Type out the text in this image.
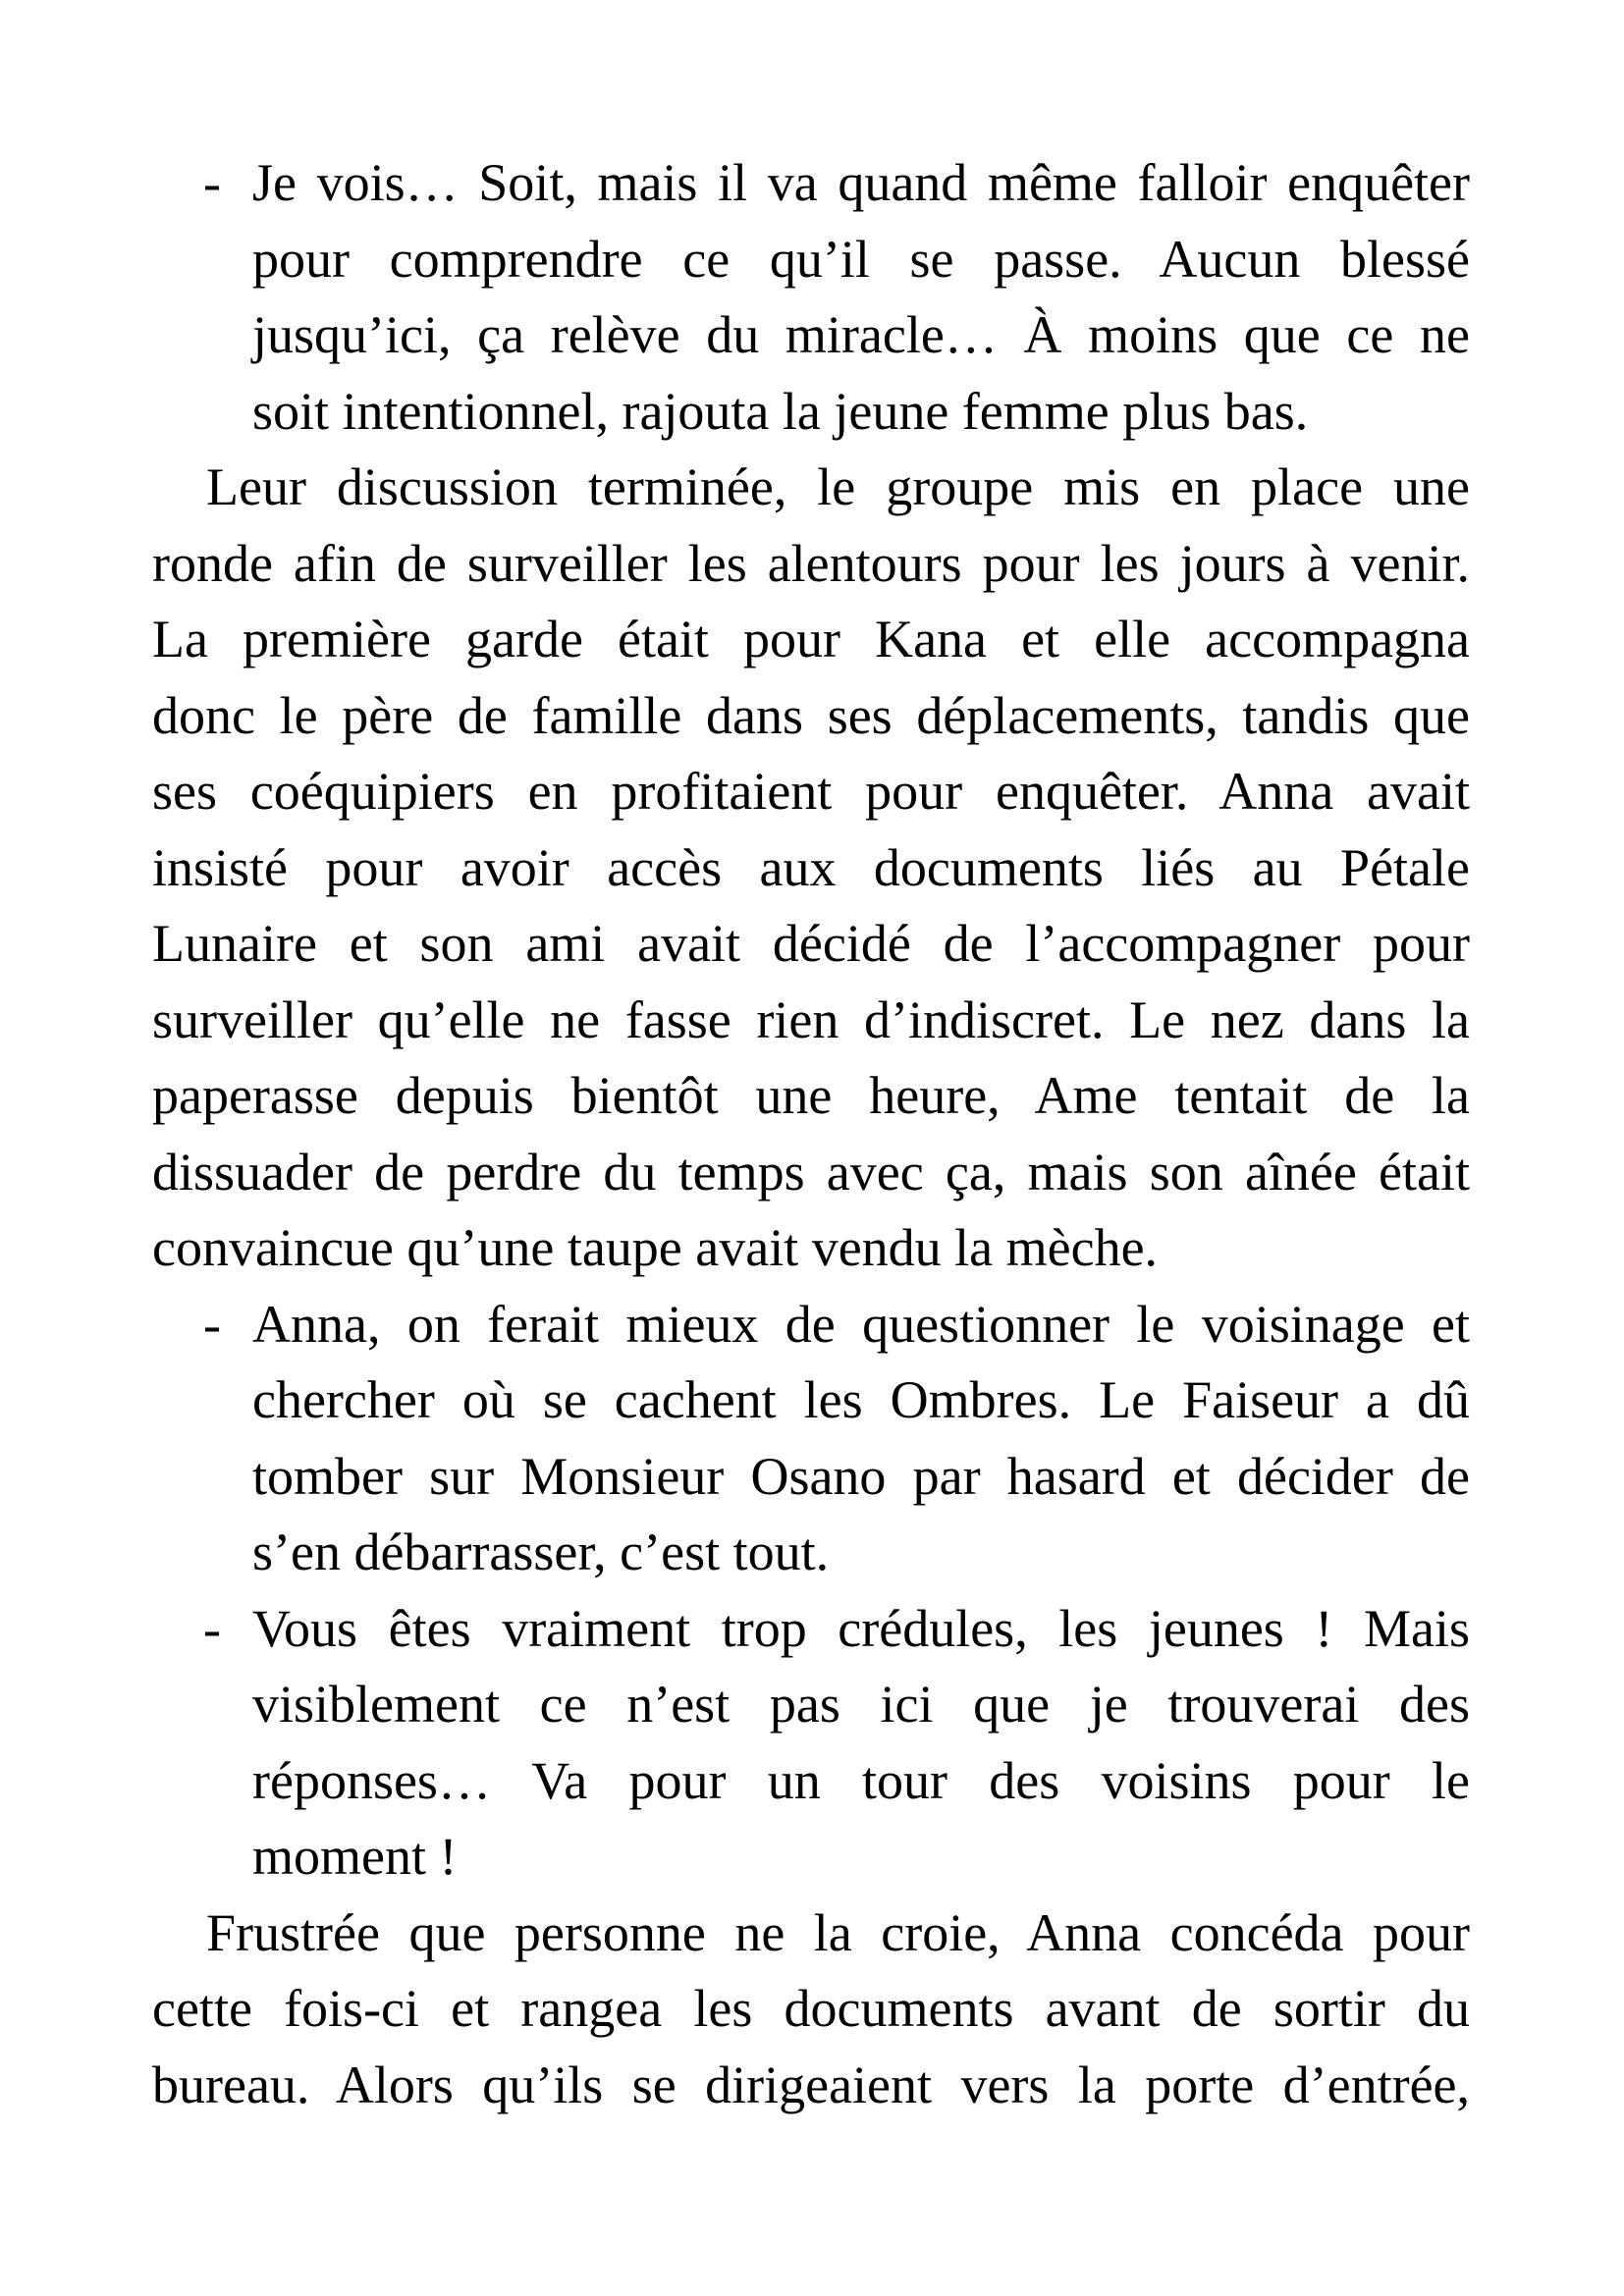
- Je vois… Soit, mais il va quand même falloir enquêter
pour comprendre ce qu’il se passe. Aucun blessé
jusqu’ici, ça relève du miracle… À moins que ce ne
soit intentionnel, rajouta la jeune femme plus bas.
Leur discussion terminée, le groupe mis en place une
ronde afin de surveiller les alentours pour les jours à venir.
La première garde était pour Kana et elle accompagna
donc le père de famille dans ses déplacements, tandis que
ses coéquipiers en profitaient pour enquêter. Anna avait
insisté pour avoir accès aux documents liés au Pétale
Lunaire et son ami avait décidé de l’accompagner pour
surveiller qu’elle ne fasse rien d’indiscret. Le nez dans la
paperasse depuis bientôt une heure, Ame tentait de la
dissuader de perdre du temps avec ça, mais son aînée était
convaincue qu’une taupe avait vendu la mèche.
- Anna, on ferait mieux de questionner le voisinage et
chercher où se cachent les Ombres. Le Faiseur a dû
tomber sur Monsieur Osano par hasard et décider de
s’en débarrasser, c’est tout.
- Vous êtes vraiment trop crédules, les jeunes ! Mais
visiblement ce n’est pas ici que je trouverai des
réponses… Va pour un tour des voisins pour le
moment !
Frustrée que personne ne la croie, Anna concéda pour
cette fois-ci et rangea les documents avant de sortir du
bureau. Alors qu’ils se dirigeaient vers la porte d’entrée,
